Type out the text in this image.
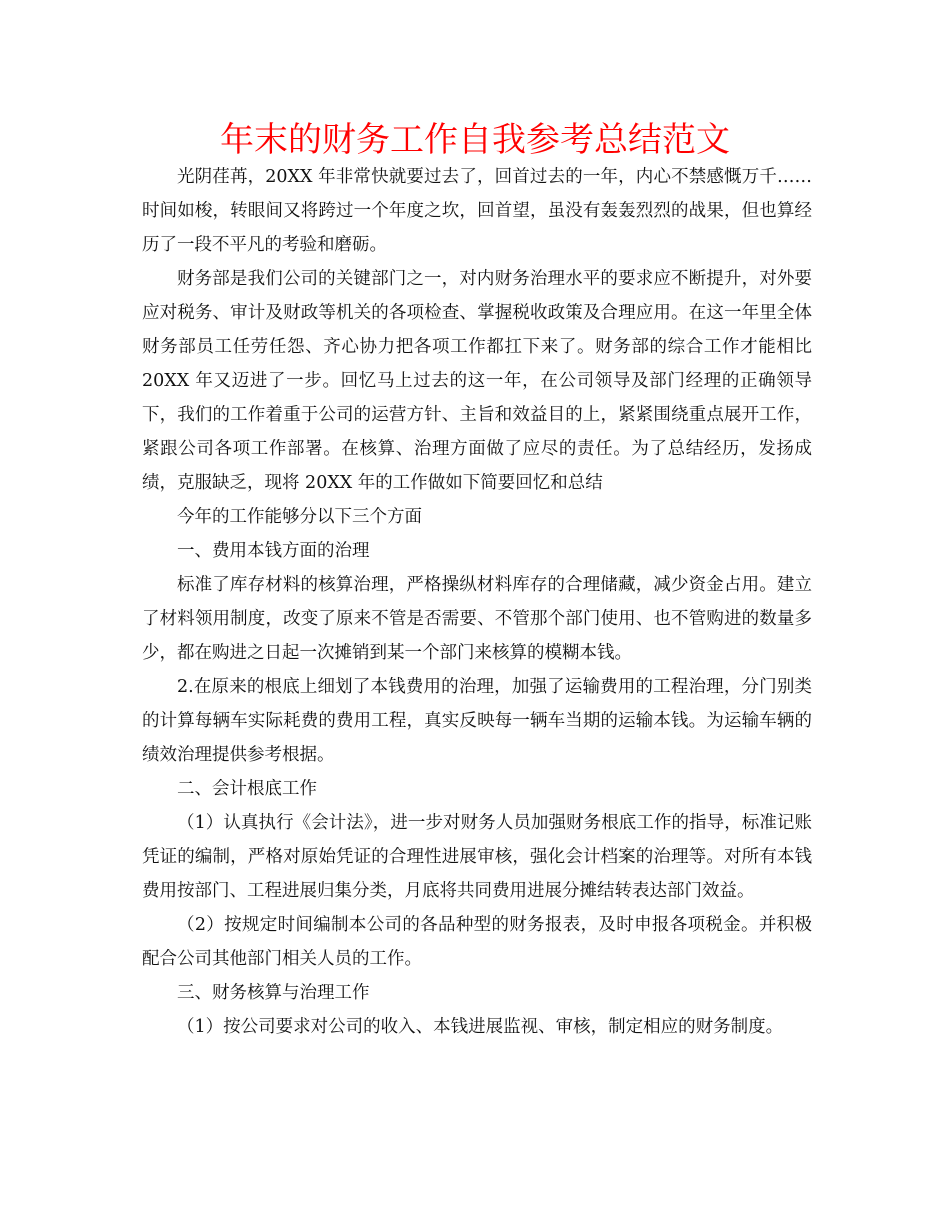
年末的财务工作自我参考总结范文

光阴荏苒，20XX 年非常快就要过去了，回首过去的一年，内心不禁感慨万千……时间如梭，转眼间又将跨过一个年度之坎，回首望，虽没有轰轰烈烈的战果，但也算经历了一段不平凡的考验和磨砺。

财务部是我们公司的关键部门之一，对内财务治理水平的要求应不断提升，对外要应对税务、审计及财政等机关的各项检查、掌握税收政策及合理应用。在这一年里全体财务部员工任劳任怨、齐心协力把各项工作都扛下来了。财务部的综合工作才能相比 20XX 年又迈进了一步。回忆马上过去的这一年，在公司领导及部门经理的正确领导下，我们的工作着重于公司的运营方针、主旨和效益目的上，紧紧围绕重点展开工作，紧跟公司各项工作部署。在核算、治理方面做了应尽的责任。为了总结经历，发扬成绩，克服缺乏，现将 20XX 年的工作做如下简要回忆和总结

今年的工作能够分以下三个方面

一、费用本钱方面的治理

标准了库存材料的核算治理，严格操纵材料库存的合理储藏，减少资金占用。建立了材料领用制度，改变了原来不管是否需要、不管那个部门使用、也不管购进的数量多少，都在购进之日起一次摊销到某一个部门来核算的模糊本钱。

2.在原来的根底上细划了本钱费用的治理，加强了运输费用的工程治理，分门别类的计算每辆车实际耗费的费用工程，真实反映每一辆车当期的运输本钱。为运输车辆的绩效治理提供参考根据。

二、会计根底工作

（1）认真执行《会计法》，进一步对财务人员加强财务根底工作的指导，标准记账凭证的编制，严格对原始凭证的合理性进展审核，强化会计档案的治理等。对所有本钱费用按部门、工程进展归集分类，月底将共同费用进展分摊结转表达部门效益。

（2）按规定时间编制本公司的各品种型的财务报表，及时申报各项税金。并积极配合公司其他部门相关人员的工作。

三、财务核算与治理工作

（1）按公司要求对公司的收入、本钱进展监视、审核，制定相应的财务制度。
